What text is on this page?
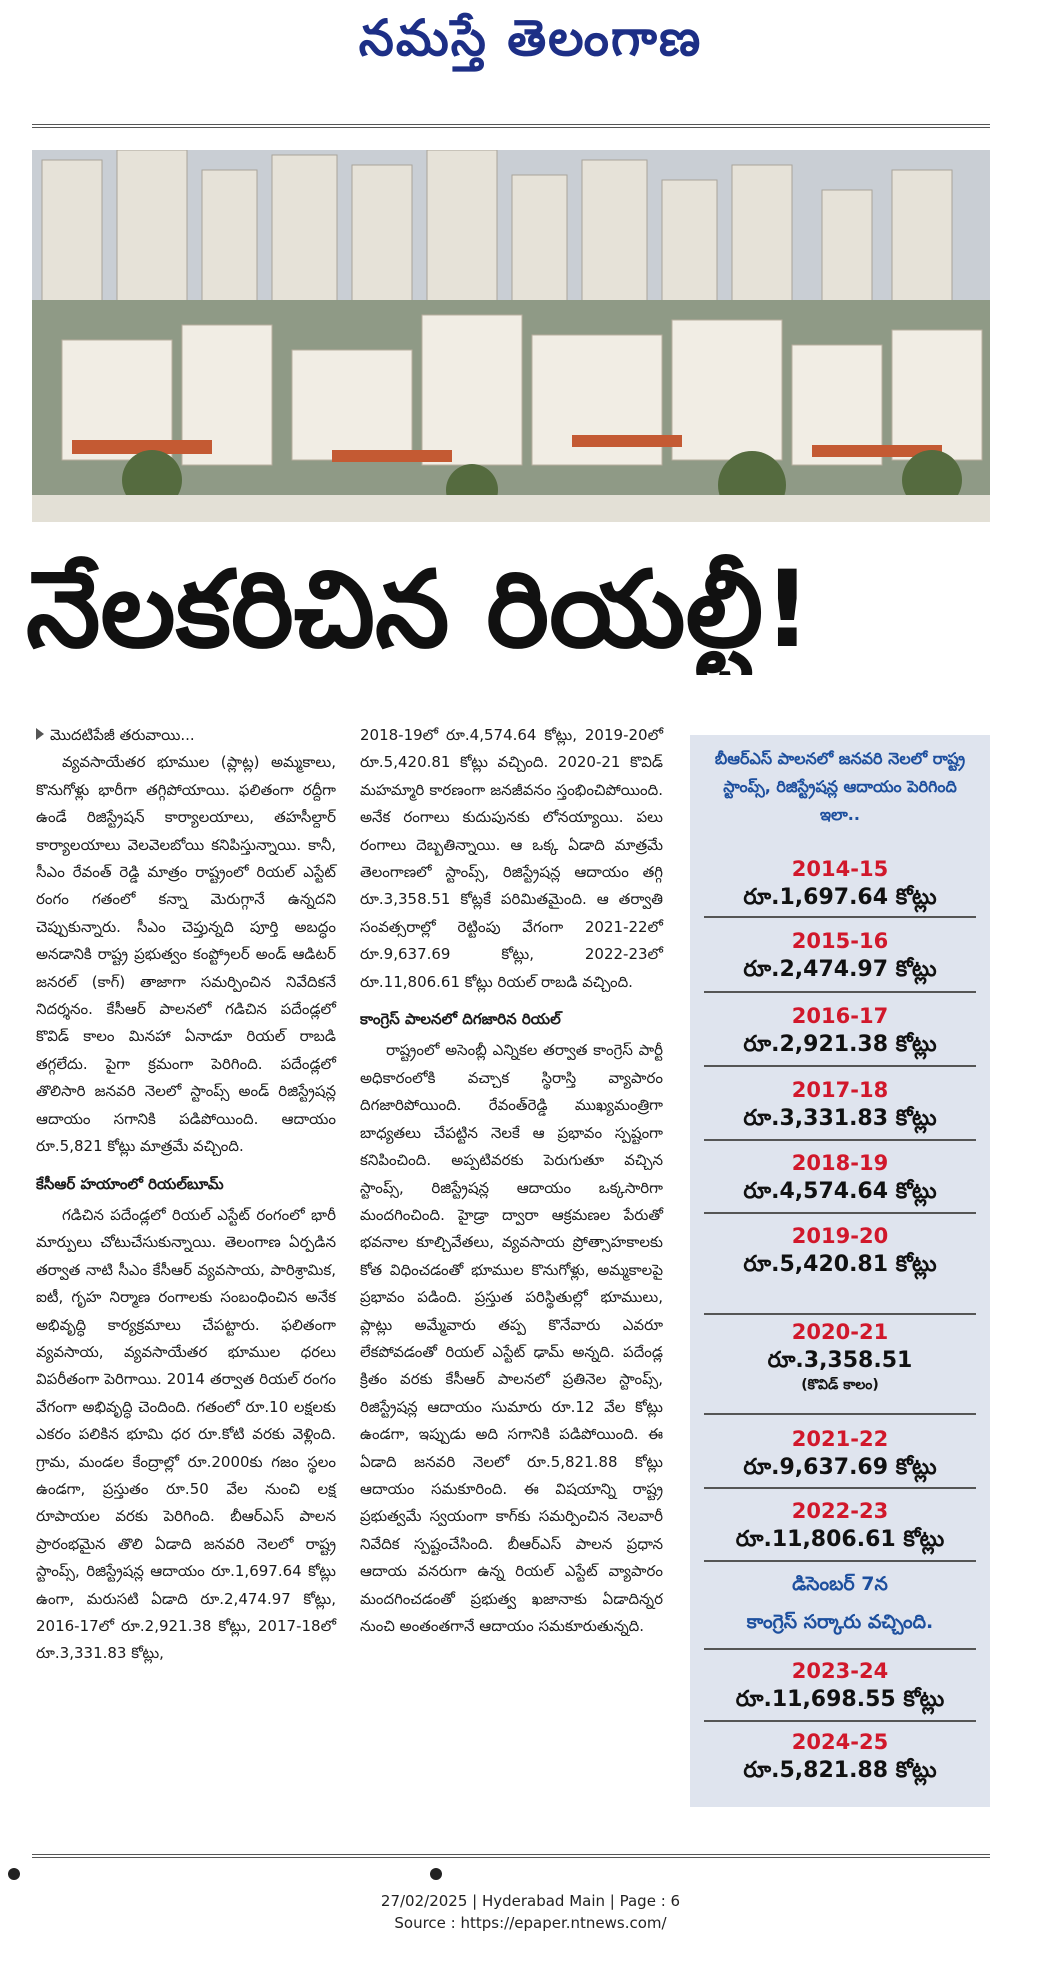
నమస్తే తెలంగాణ
నేలకరిచిన రియల్టీ!

మొదటిపేజీ తరువాయి...

వ్యవసాయేతర భూముల (ప్లాట్ల) అమ్మకాలు, కొనుగోళ్లు భారీగా తగ్గిపోయాయి. ఫలితంగా రద్దీగా ఉండే రిజిస్ట్రేషన్ కార్యాలయాలు, తహసీల్దార్ కార్యాలయాలు వెలవెలబోయి కనిపిస్తున్నాయి. కానీ, సీఎం రేవంత్ రెడ్డి మాత్రం రాష్ట్రంలో రియల్ ఎస్టేట్ రంగం గతంలో కన్నా మెరుగ్గానే ఉన్నదని చెప్పుకున్నారు. సీఎం చెప్తున్నది పూర్తి అబద్ధం అనడానికి రాష్ట్ర ప్రభుత్వం కంప్ట్రోలర్ అండ్ ఆడిటర్ జనరల్ (కాగ్) తాజాగా సమర్పించిన నివేదికనే నిదర్శనం. కేసీఆర్ పాలనలో గడిచిన పదేండ్లలో కొవిడ్ కాలం మినహా ఏనాడూ రియల్ రాబడి తగ్గలేదు. పైగా క్రమంగా పెరిగింది. పదేండ్లలో తొలిసారి జనవరి నెలలో స్టాంప్స్ అండ్ రిజిస్ట్రేషన్ల ఆదాయం సగానికి పడిపోయింది. ఆదాయం రూ.5,821 కోట్లు మాత్రమే వచ్చింది.

కేసీఆర్ హయాంలో రియల్‌బూమ్

గడిచిన పదేండ్లలో రియల్ ఎస్టేట్ రంగంలో భారీ మార్పులు చోటుచేసుకున్నాయి. తెలంగాణ ఏర్పడిన తర్వాత నాటి సీఎం కేసీఆర్ వ్యవసాయ, పారిశ్రామిక, ఐటీ, గృహ నిర్మాణ రంగాలకు సంబంధించిన అనేక అభివృద్ధి కార్యక్రమాలు చేపట్టారు. ఫలితంగా వ్యవసాయ, వ్యవసాయేతర భూముల ధరలు విపరీతంగా పెరిగాయి. 2014 తర్వాత రియల్ రంగం వేగంగా అభివృద్ధి చెందింది. గతంలో రూ.10 లక్షలకు ఎకరం పలికిన భూమి ధర రూ.కోటి వరకు వెళ్లింది. గ్రామ, మండల కేంద్రాల్లో రూ.2000కు గజం స్థలం ఉండగా, ప్రస్తుతం రూ.50 వేల నుంచి లక్ష రూపాయల వరకు పెరిగింది. బీఆర్ఎస్ పాలన ప్రారంభమైన తొలి ఏడాది జనవరి నెలలో రాష్ట్ర స్టాంప్స్, రిజిస్ట్రేషన్ల ఆదాయం రూ.1,697.64 కోట్లు ఉంగా, మరుసటి ఏడాది రూ.2,474.97 కోట్లు, 2016-17లో రూ.2,921.38 కోట్లు, 2017-18లో రూ.3,331.83 కోట్లు,

2018-19లో రూ.4,574.64 కోట్లు, 2019-20లో రూ.5,420.81 కోట్లు వచ్చింది. 2020-21 కొవిడ్ మహమ్మారి కారణంగా జనజీవనం స్తంభించిపోయింది. అనేక రంగాలు కుదుపునకు లోనయ్యాయి. పలు రంగాలు దెబ్బతిన్నాయి. ఆ ఒక్క ఏడాది మాత్రమే తెలంగాణలో స్టాంప్స్, రిజిస్ట్రేషన్ల ఆదాయం తగ్గి రూ.3,358.51 కోట్లకే పరిమితమైంది. ఆ తర్వాతి సంవత్సరాల్లో రెట్టింపు వేగంగా 2021-22లో రూ.9,637.69 కోట్లు, 2022-23లో రూ.11,806.61 కోట్లు రియల్ రాబడి వచ్చింది.

కాంగ్రెస్ పాలనలో దిగజారిన రియల్

రాష్ట్రంలో అసెంబ్లీ ఎన్నికల తర్వాత కాంగ్రెస్ పార్టీ అధికారంలోకి వచ్చాక స్థిరాస్తి వ్యాపారం దిగజారిపోయింది. రేవంత్‌రెడ్డి ముఖ్యమంత్రిగా బాధ్యతలు చేపట్టిన నెలకే ఆ ప్రభావం స్పష్టంగా కనిపించింది. అప్పటివరకు పెరుగుతూ వచ్చిన స్టాంప్స్, రిజిస్ట్రేషన్ల ఆదాయం ఒక్కసారిగా మందగించింది. హైడ్రా ద్వారా ఆక్రమణల పేరుతో భవనాల కూల్చివేతలు, వ్యవసాయ ప్రోత్సాహకాలకు కోత విధించడంతో భూముల కొనుగోళ్లు, అమ్మకాలపై ప్రభావం పడింది. ప్రస్తుత పరిస్థితుల్లో భూములు, ప్లాట్లు అమ్మేవారు తప్ప కొనేవారు ఎవరూ లేకపోవడంతో రియల్ ఎస్టేట్ ఢామ్ అన్నది. పదేండ్ల క్రితం వరకు కేసీఆర్ పాలనలో ప్రతినెల స్టాంప్స్, రిజిస్ట్రేషన్ల ఆదాయం సుమారు రూ.12 వేల కోట్లు ఉండగా, ఇప్పుడు అది సగానికి పడిపోయింది. ఈ ఏడాది జనవరి నెలలో రూ.5,821.88 కోట్లు ఆదాయం సమకూరింది. ఈ విషయాన్ని రాష్ట్ర ప్రభుత్వమే స్వయంగా కాగ్‌కు సమర్పించిన నెలవారీ నివేదిక స్పష్టంచేసింది. బీఆర్ఎస్ పాలన ప్రధాన ఆదాయ వనరుగా ఉన్న రియల్ ఎస్టేట్ వ్యాపారం మందగించడంతో ప్రభుత్వ ఖజానాకు ఏడాదిన్నర నుంచి అంతంతగానే ఆదాయం సమకూరుతున్నది.

బీఆర్ఎస్ పాలనలో జనవరి నెలలో రాష్ట్ర స్టాంప్స్, రిజిస్ట్రేషన్ల ఆదాయం పెరిగింది ఇలా..
2014-15
రూ.1,697.64 కోట్లు
2015-16
రూ.2,474.97 కోట్లు
2016-17
రూ.2,921.38 కోట్లు
2017-18
రూ.3,331.83 కోట్లు
2018-19
రూ.4,574.64 కోట్లు
2019-20
రూ.5,420.81 కోట్లు
2020-21
రూ.3,358.51
(కొవిడ్ కాలం)
2021-22
రూ.9,637.69 కోట్లు
2022-23
రూ.11,806.61 కోట్లు
డిసెంబర్ 7న
కాంగ్రెస్ సర్కారు వచ్చింది.
2023-24
రూ.11,698.55 కోట్లు
2024-25
రూ.5,821.88 కోట్లు
27/02/2025 | Hyderabad Main | Page : 6
Source : https://epaper.ntnews.com/
